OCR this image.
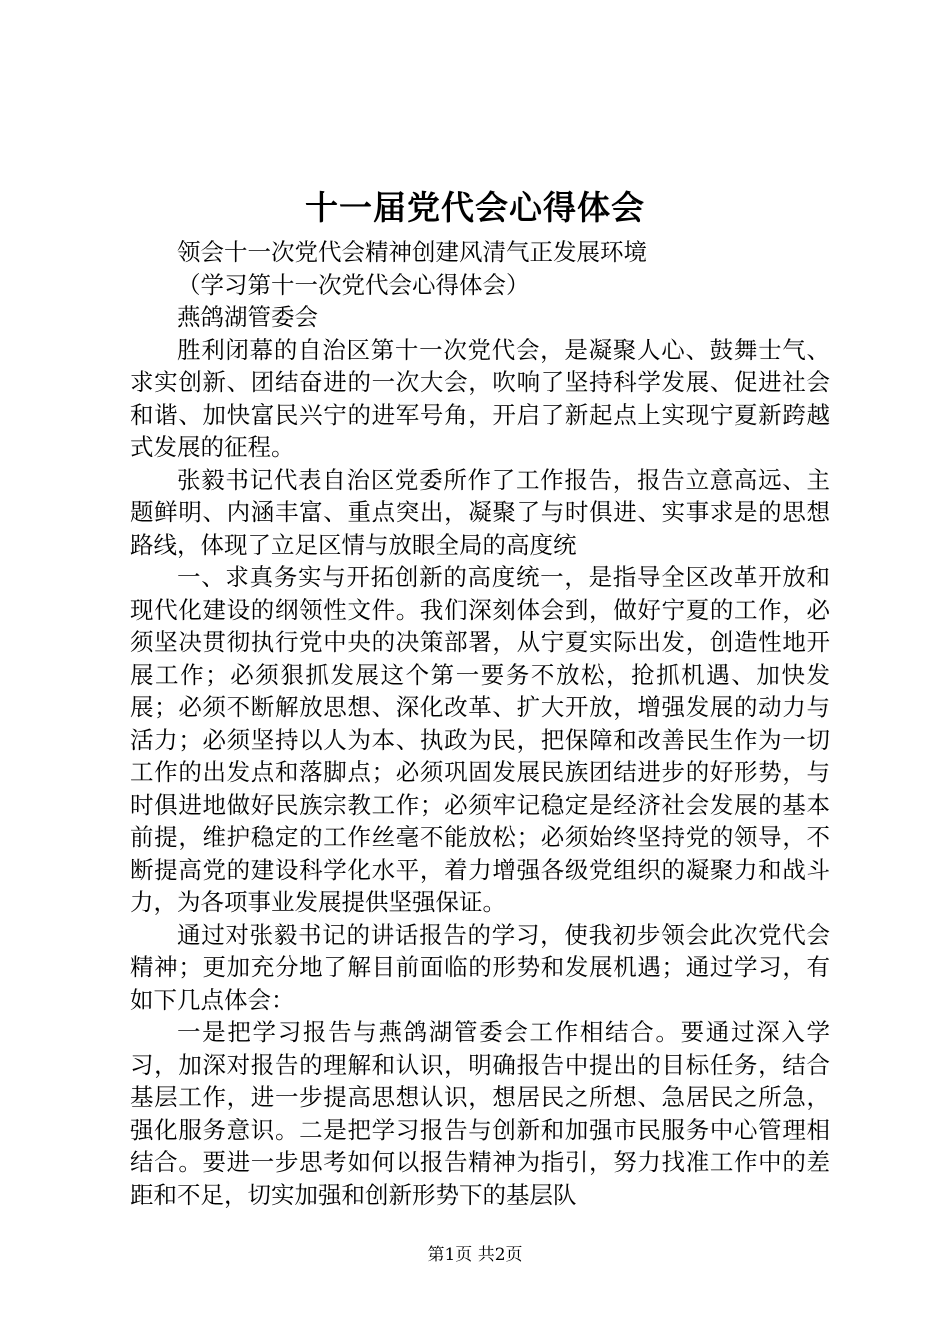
十一届党代会心得体会

领会十一次党代会精神创建风清气正发展环境

（学习第十一次党代会心得体会）

燕鸽湖管委会

胜利闭幕的自治区第十一次党代会，是凝聚人心、鼓舞士气、求实创新、团结奋进的一次大会，吹响了坚持科学发展、促进社会和谐、加快富民兴宁的进军号角，开启了新起点上实现宁夏新跨越式发展的征程。

张毅书记代表自治区党委所作了工作报告，报告立意高远、主题鲜明、内涵丰富、重点突出，凝聚了与时俱进、实事求是的思想路线，体现了立足区情与放眼全局的高度统

一、求真务实与开拓创新的高度统一，是指导全区改革开放和现代化建设的纲领性文件。我们深刻体会到，做好宁夏的工作，必须坚决贯彻执行党中央的决策部署，从宁夏实际出发，创造性地开展工作；必须狠抓发展这个第一要务不放松，抢抓机遇、加快发展；必须不断解放思想、深化改革、扩大开放，增强发展的动力与活力；必须坚持以人为本、执政为民，把保障和改善民生作为一切工作的出发点和落脚点；必须巩固发展民族团结进步的好形势，与时俱进地做好民族宗教工作；必须牢记稳定是经济社会发展的基本前提，维护稳定的工作丝毫不能放松；必须始终坚持党的领导，不断提高党的建设科学化水平，着力增强各级党组织的凝聚力和战斗力，为各项事业发展提供坚强保证。

通过对张毅书记的讲话报告的学习，使我初步领会此次党代会精神；更加充分地了解目前面临的形势和发展机遇；通过学习，有如下几点体会：

一是把学习报告与燕鸽湖管委会工作相结合。要通过深入学习，加深对报告的理解和认识，明确报告中提出的目标任务，结合基层工作，进一步提高思想认识，想居民之所想、急居民之所急，强化服务意识。二是把学习报告与创新和加强市民服务中心管理相结合。要进一步思考如何以报告精神为指引，努力找准工作中的差距和不足，切实加强和创新形势下的基层队

第1页 共2页
